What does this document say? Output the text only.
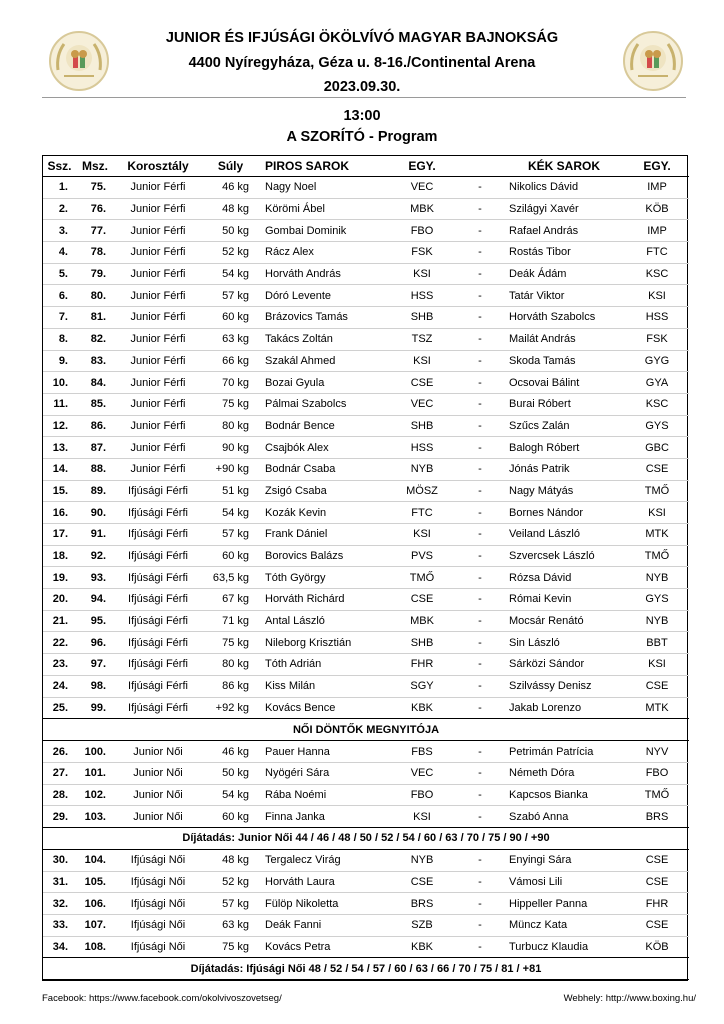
JUNIOR ÉS IFJÚSÁGI ÖKÖLVÍVÓ MAGYAR BAJNOKSÁG
4400 Nyíregyháza, Géza u. 8-16./Continental Arena
2023.09.30.
13:00
A SZORÍTÓ - Program
Ssz.	Msz.	Korosztály	Súly	PIROS SAROK	EGY.		KÉK SAROK	EGY.
1.	75.	Junior Férfi	46 kg	Nagy Noel	VEC	-	Nikolics Dávid	IMP
2.	76.	Junior Férfi	48 kg	Körömi Ábel	MBK	-	Szilágyi Xavér	KÖB
3.	77.	Junior Férfi	50 kg	Gombai Dominik	FBO	-	Rafael András	IMP
4.	78.	Junior Férfi	52 kg	Rácz Alex	FSK	-	Rostás Tibor	FTC
5.	79.	Junior Férfi	54 kg	Horváth András	KSI	-	Deák Ádám	KSC
6.	80.	Junior Férfi	57 kg	Dóró Levente	HSS	-	Tatár Viktor	KSI
7.	81.	Junior Férfi	60 kg	Brázovics Tamás	SHB	-	Horváth Szabolcs	HSS
8.	82.	Junior Férfi	63 kg	Takács Zoltán	TSZ	-	Mailát András	FSK
9.	83.	Junior Férfi	66 kg	Szakál Ahmed	KSI	-	Skoda Tamás	GYG
10.	84.	Junior Férfi	70 kg	Bozai Gyula	CSE	-	Ocsovai Bálint	GYA
11.	85.	Junior Férfi	75 kg	Pálmai Szabolcs	VEC	-	Burai Róbert	KSC
12.	86.	Junior Férfi	80 kg	Bodnár Bence	SHB	-	Szűcs Zalán	GYS
13.	87.	Junior Férfi	90 kg	Csajbók Alex	HSS	-	Balogh Róbert	GBC
14.	88.	Junior Férfi	+90 kg	Bodnár Csaba	NYB	-	Jónás Patrik	CSE
15.	89.	Ifjúsági Férfi	51 kg	Zsigó Csaba	MÖSZ	-	Nagy Mátyás	TMŐ
16.	90.	Ifjúsági Férfi	54 kg	Kozák Kevin	FTC	-	Bornes Nándor	KSI
17.	91.	Ifjúsági Férfi	57 kg	Frank Dániel	KSI	-	Veiland László	MTK
18.	92.	Ifjúsági Férfi	60 kg	Borovics Balázs	PVS	-	Szvercsek László	TMŐ
19.	93.	Ifjúsági Férfi	63,5 kg	Tóth György	TMŐ	-	Rózsa Dávid	NYB
20.	94.	Ifjúsági Férfi	67 kg	Horváth Richárd	CSE	-	Római Kevin	GYS
21.	95.	Ifjúsági Férfi	71 kg	Antal László	MBK	-	Mocsár Renátó	NYB
22.	96.	Ifjúsági Férfi	75 kg	Nileborg Krisztián	SHB	-	Sin László	BBT
23.	97.	Ifjúsági Férfi	80 kg	Tóth Adrián	FHR	-	Sárközi Sándor	KSI
24.	98.	Ifjúsági Férfi	86 kg	Kiss Milán	SGY	-	Szilvássy Denisz	CSE
25.	99.	Ifjúsági Férfi	+92 kg	Kovács Bence	KBK	-	Jakab Lorenzo	MTK
NŐI DÖNTŐK MEGNYITÓJA								
26.	100.	Junior Női	46 kg	Pauer Hanna	FBS	-	Petrimán Patrícia	NYV
27.	101.	Junior Női	50 kg	Nyögéri Sára	VEC	-	Németh Dóra	FBO
28.	102.	Junior Női	54 kg	Rába Noémi	FBO	-	Kapcsos Bianka	TMŐ
29.	103.	Junior Női	60 kg	Finna Janka	KSI	-	Szabó Anna	BRS
Díjátadás: Junior Női 44 / 46 / 48 / 50 / 52 / 54 / 60 / 63 / 70 / 75 / 90 / +90								
30.	104.	Ifjúsági Női	48 kg	Tergalecz Virág	NYB	-	Enyingi Sára	CSE
31.	105.	Ifjúsági Női	52 kg	Horváth Laura	CSE	-	Vámosi Lili	CSE
32.	106.	Ifjúsági Női	57 kg	Fülöp Nikoletta	BRS	-	Hippeller Panna	FHR
33.	107.	Ifjúsági Női	63 kg	Deák Fanni	SZB	-	Müncz Kata	CSE
34.	108.	Ifjúsági Női	75 kg	Kovács Petra	KBK	-	Turbucz Klaudia	KÖB
Díjátadás: Ifjúsági Női 48 / 52 / 54 / 57 / 60 / 63 / 66 / 70 / 75 / 81 / +81								
Facebook: https://www.facebook.com/okolvivoszovetseg/	Webhely: http://www.boxing.hu/
